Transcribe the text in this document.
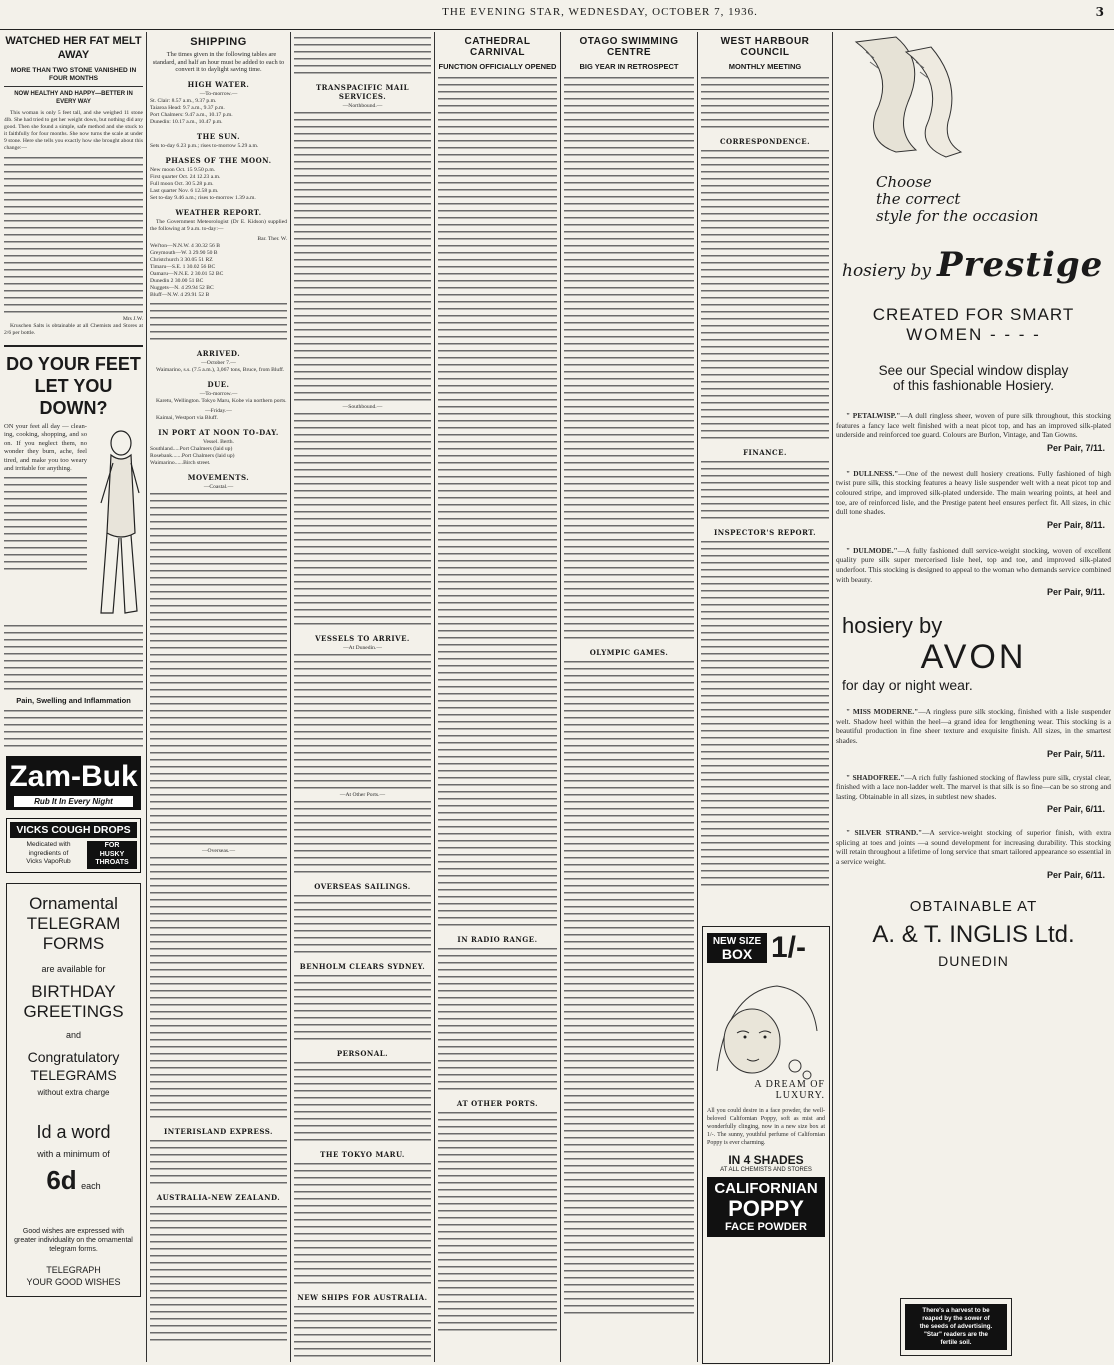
THE EVENING STAR, WEDNESDAY, OCTOBER 7, 1936.	3
WATCHED HER FAT MELT AWAY
MORE THAN TWO STONE VANISHED IN FOUR MONTHS
NOW HEALTHY AND HAPPY—BETTER IN EVERY WAY
This woman is only 5 feet tall, and she weighed 11 stone 4lb. She had tried to get her weight down, but nothing did any good. Then she found a simple, safe method and she stuck to it faithfully for four months. She now turns the scale at under 9 stone. Here she tells you exactly how she brought about this change:—
Mrs J.W.
Kruschen Salts is obtainable at all Chemists and Stores at 2/6 per bottle.
DO YOUR FEET LET YOU DOWN?
ON your feet all day — clean-ing, cooking, shopping, and so on. If you neglect them, no wonder they burn, ache, feel tired, and make you too weary and irritable for anything.
Pain, Swelling and Inflammation
Zam-Buk
Rub It In Every Night
VICKS COUGH DROPS
Medicated with
ingredients of
Vicks VapoRub
FOR
HUSKY
THROATS
Ornamental
TELEGRAM
FORMS
are available for
BIRTHDAY
GREETINGS
and
Congratulatory
TELEGRAMS
without extra charge
Id a word
with a minimum of
6d each
Good wishes are expressed with greater individuality on the ornamental telegram forms.
TELEGRAPH
YOUR GOOD WISHES
SHIPPING
The times given in the following tables are standard, and half an hour must be added to each to convert it to daylight saving time.
HIGH WATER.
—To-morrow.—
St. Clair: 8.57 a.m., 9.37 p.m.
Taiaroa Head: 9.7 a.m., 9.37 p.m.
Port Chalmers: 9.47 a.m., 10.17 p.m.
Dunedin: 10.17 a.m., 10.47 p.m.
THE SUN.
Sets to-day 6.23 p.m.; rises to-morrow 5.29 a.m.
PHASES OF THE MOON.
New moon Oct. 15 9.50 p.m.
First quarter Oct. 24 12.23 a.m.
Full moon Oct. 30 5.28 p.m.
Last quarter Nov. 6 12.58 p.m.
Set to-day 9.46 a.m.; rises to-morrow 1.39 a.m.
WEATHER REPORT.
The Government Meteorologist (Dr E. Kidson) supplied the following at 9 a.m. to-day:—
Bar. Ther. W.
Wel'ton—N.N.W. 4 30.32 56 B
Greymouth—W. 3 29.90 50 B
Christchurch 3 30.05 51 RZ
Timaru—S.E. 1 30.02 56 BC
Oamaru—N.N.E. 2 30.01 52 BC
Dunedin 2 30.00 51 BC
Nuggets—N. 4 29.94 52 BC
Bluff—N.W. 4 29.91 52 B
ARRIVED.
—October 7.—
Waimarino, s.s. (7.5 a.m.), 3,067 tons, Bruce, from Bluff.
DUE.
—To-morrow.—
Karetu, Wellington. Tokyo Maru, Kobe via northern ports.
—Friday.—
Kaimai, Westport via Bluff.
IN PORT AT NOON TO-DAY.
Vessel. Berth.
Southland.....Port Chalmers (laid up)
Rosebank.......Port Chalmers (laid up)
Waimarino......Birch street.
MOVEMENTS.
—Coastal.—
—Overseas.—
INTERISLAND EXPRESS.
AUSTRALIA-NEW ZEALAND.
TRANSPACIFIC MAIL SERVICES.
—Northbound.—
—Southbound.—
VESSELS TO ARRIVE.
—At Dunedin.—
—At Other Ports.—
OVERSEAS SAILINGS.
BENHOLM CLEARS SYDNEY.
PERSONAL.
THE TOKYO MARU.
NEW SHIPS FOR AUSTRALIA.
CATHEDRAL CARNIVAL
FUNCTION OFFICIALLY OPENED
IN RADIO RANGE.
AT OTHER PORTS.
OTAGO SWIMMING CENTRE
BIG YEAR IN RETROSPECT
OLYMPIC GAMES.
WEST HARBOUR COUNCIL
MONTHLY MEETING
CORRESPONDENCE.
FINANCE.
INSPECTOR'S REPORT.
NEW SIZE
BOX 1/-
A DREAM OF
LUXURY.
All you could desire in a face powder, the well-beloved Californian Poppy, soft as mist and wonderfully clinging, now in a new size box at 1/-. The sunny, youthful perfume of Californian Poppy is ever charming.
IN 4 SHADES
AT ALL CHEMISTS AND STORES
CALIFORNIAN
POPPY
FACE POWDER
Choose
the correct
style for the occasion
hosiery by Prestige
CREATED FOR SMART
WOMEN - - - -
See our Special window display
of this fashionable Hosiery.
" PETALWISP."—A dull ringless sheer, woven of pure silk throughout, this stocking features a fancy lace welt finished with a neat picot top, and has an improved silk-plated underside and reinforced toe guard. Colours are Burlon, Vintage, and Tan Gowns.
Per Pair, 7/11.
" DULLNESS."—One of the newest dull hosiery creations. Fully fashioned of high twist pure silk, this stocking features a heavy lisle suspender welt with a neat picot top and coloured stripe, and improved silk-plated underside. The main wearing points, at heel and toe, are of reinforced lisle, and the Prestige patent heel ensures perfect fit. All sizes, in chic dull tone shades.
Per Pair, 8/11.
" DULMODE."—A fully fashioned dull service-weight stocking, woven of excellent quality pure silk super mercerised lisle heel, top and toe, and improved silk-plated underfoot. This stocking is designed to appeal to the woman who demands service combined with beauty.
Per Pair, 9/11.
hosiery by
AVON
for day or night wear.
" MISS MODERNE."—A ringless pure silk stocking, finished with a lisle suspender welt. Shadow heel within the heel—a grand idea for lengthening wear. This stocking is a beautiful production in fine sheer texture and exquisite finish. All sizes, in the smartest shades.
Per Pair, 5/11.
" SHADOFREE."—A rich fully fashioned stocking of flawless pure silk, crystal clear, finished with a lace non-ladder welt. The marvel is that silk is so fine—can be so strong and lasting. Obtainable in all sizes, in subtlest new shades.
Per Pair, 6/11.
" SILVER STRAND."—A service-weight stocking of superior finish, with extra splicing at toes and joints —a sound development for increasing durability. This stocking will retain throughout a lifetime of long service that smart tailored appearance so essential in a service weight.
Per Pair, 6/11.
OBTAINABLE AT
A. & T. INGLIS Ltd.
DUNEDIN
There's a harvest to be
reaped by the sower of
the seeds of advertising.
"Star" readers are the
fertile soil.
